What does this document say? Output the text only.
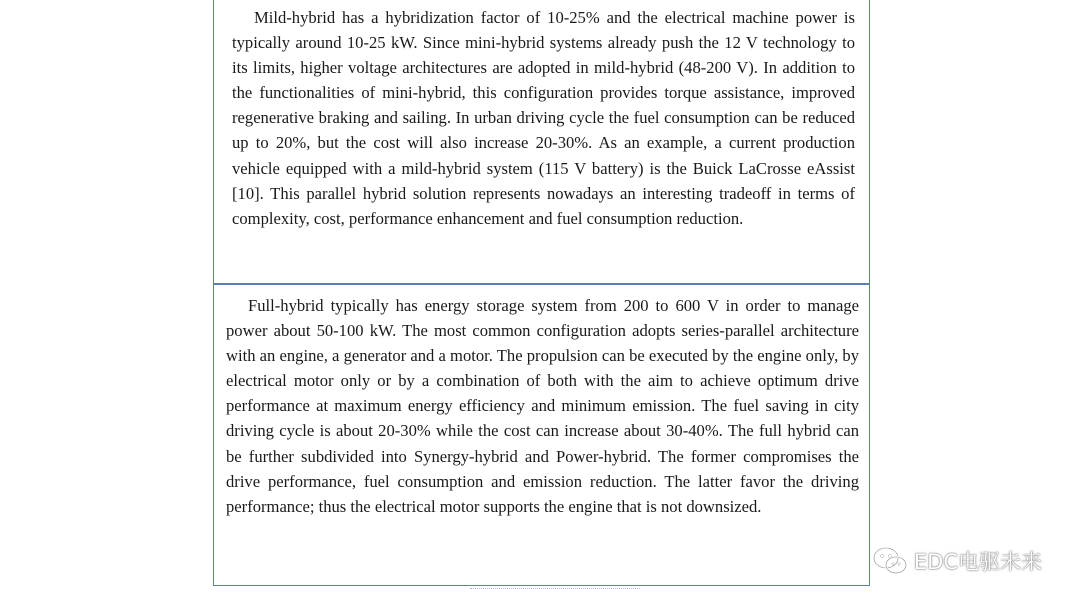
Mild-hybrid has a hybridization factor of 10-25% and the electrical machine power is typically around 10-25 kW. Since mini-hybrid systems already push the 12 V technology to its limits, higher voltage architectures are adopted in mild-hybrid (48-200 V). In addition to the functionalities of mini-hybrid, this configuration provides torque assistance, improved regenerative braking and sailing. In urban driving cycle the fuel consumption can be reduced up to 20%, but the cost will also increase 20-30%. As an example, a current production vehicle equipped with a mild-hybrid system (115 V battery) is the Buick LaCrosse eAssist [10]. This parallel hybrid solution represents nowadays an interesting tradeoff in terms of complexity, cost, performance enhancement and fuel consumption reduction.

Full-hybrid typically has energy storage system from 200 to 600 V in order to manage power about 50-100 kW. The most common configuration adopts series-parallel architecture with an engine, a generator and a motor. The propulsion can be executed by the engine only, by electrical motor only or by a combination of both with the aim to achieve optimum drive performance at maximum energy efficiency and minimum emission. The fuel saving in city driving cycle is about 20-30% while the cost can increase about 30-40%. The full hybrid can be further subdivided into Synergy-hybrid and Power-hybrid. The former compromises the drive performance, fuel consumption and emission reduction. The latter favor the driving performance; thus the electrical motor supports the engine that is not downsized.

EDC电驱未来
